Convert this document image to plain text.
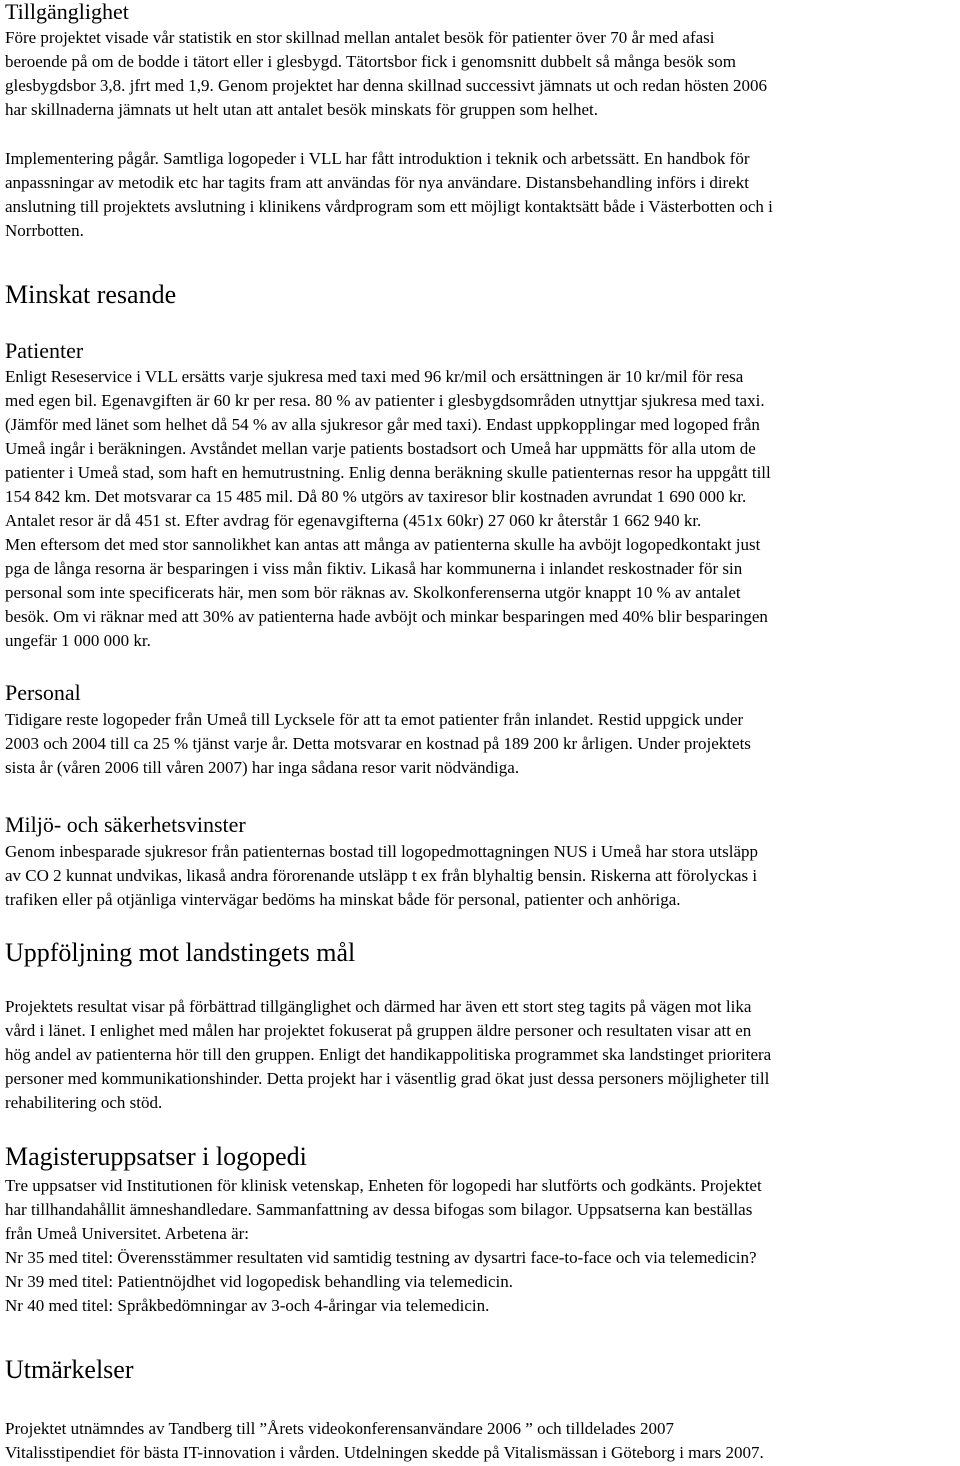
Tillgänglighet
Före projektet visade vår statistik en stor skillnad mellan antalet besök för patienter över 70 år med afasi
beroende på om de bodde i tätort eller i glesbygd. Tätortsbor fick i genomsnitt dubbelt så många besök som
glesbygdsbor 3,8. jfrt med 1,9. Genom projektet har denna skillnad successivt jämnats ut och redan hösten 2006
har skillnaderna jämnats ut helt utan att antalet besök minskats för gruppen som helhet.
Implementering pågår. Samtliga logopeder i VLL har fått introduktion i teknik och arbetssätt. En handbok för
anpassningar av metodik etc har tagits fram att användas för nya användare. Distansbehandling införs i direkt
anslutning till projektets avslutning i klinikens vårdprogram som ett möjligt kontaktsätt både i Västerbotten och i
Norrbotten.
Minskat resande
Patienter
Enligt Reseservice i VLL ersätts varje sjukresa med taxi med 96 kr/mil och ersättningen är 10 kr/mil för resa
med egen bil. Egenavgiften är 60 kr per resa. 80 % av patienter i glesbygdsområden utnyttjar sjukresa med taxi.
(Jämför med länet som helhet då 54 % av alla sjukresor går med taxi). Endast uppkopplingar med logoped från
Umeå ingår i beräkningen. Avståndet mellan varje patients bostadsort och Umeå har uppmätts för alla utom de
patienter i Umeå stad, som haft en hemutrustning. Enlig denna beräkning skulle patienternas resor ha uppgått till
154 842 km. Det motsvarar ca 15 485 mil. Då 80 % utgörs av taxiresor blir kostnaden avrundat 1 690 000 kr.
Antalet resor är då 451 st. Efter avdrag för egenavgifterna (451x 60kr) 27 060 kr återstår 1 662 940 kr.
Men eftersom det med stor sannolikhet kan antas att många av patienterna skulle ha avböjt logopedkontakt just
pga de långa resorna är besparingen i viss mån fiktiv. Likaså har kommunerna i inlandet reskostnader för sin
personal som inte specificerats här, men som bör räknas av. Skolkonferenserna utgör knappt 10 % av antalet
besök. Om vi räknar med att 30% av patienterna hade avböjt och minkar besparingen med 40% blir besparingen
ungefär 1 000 000 kr.
Personal
Tidigare reste logopeder från Umeå till Lycksele för att ta emot patienter från inlandet. Restid uppgick under
2003 och 2004 till ca 25 % tjänst varje år. Detta motsvarar en kostnad på 189 200 kr årligen. Under projektets
sista år (våren 2006 till våren 2007) har inga sådana resor varit nödvändiga.
Miljö- och säkerhetsvinster
Genom inbesparade sjukresor från patienternas bostad till logopedmottagningen NUS i Umeå har stora utsläpp
av CO 2 kunnat undvikas, likaså andra förorenande utsläpp t ex från blyhaltig bensin. Riskerna att förolyckas i
trafiken eller på otjänliga vintervägar bedöms ha minskat både för personal, patienter och anhöriga.
Uppföljning mot landstingets mål
Projektets resultat visar på förbättrad tillgänglighet och därmed har även ett stort steg tagits på vägen mot lika
vård i länet. I enlighet med målen har projektet fokuserat på gruppen äldre personer och resultaten visar att en
hög andel av patienterna hör till den gruppen. Enligt det handikappolitiska programmet ska landstinget prioritera
personer med kommunikationshinder. Detta projekt har i väsentlig grad ökat just dessa personers möjligheter till
rehabilitering och stöd.
Magisteruppsatser i logopedi
Tre uppsatser vid Institutionen för klinisk vetenskap, Enheten för logopedi har slutförts och godkänts. Projektet
har tillhandahållit ämneshandledare. Sammanfattning av dessa bifogas som bilagor. Uppsatserna kan beställas
från Umeå Universitet. Arbetena är:
Nr 35 med titel: Överensstämmer resultaten vid samtidig testning av dysartri face-to-face och via telemedicin?
Nr 39 med titel: Patientnöjdhet vid logopedisk behandling via telemedicin.
Nr 40 med titel: Språkbedömningar av 3-och 4-åringar via telemedicin.
Utmärkelser
Projektet utnämndes av Tandberg till ”Årets videokonferensanvändare 2006 ” och tilldelades 2007
Vitalisstipendiet för bästa IT-innovation i vården. Utdelningen skedde på Vitalismässan i Göteborg i mars 2007.
